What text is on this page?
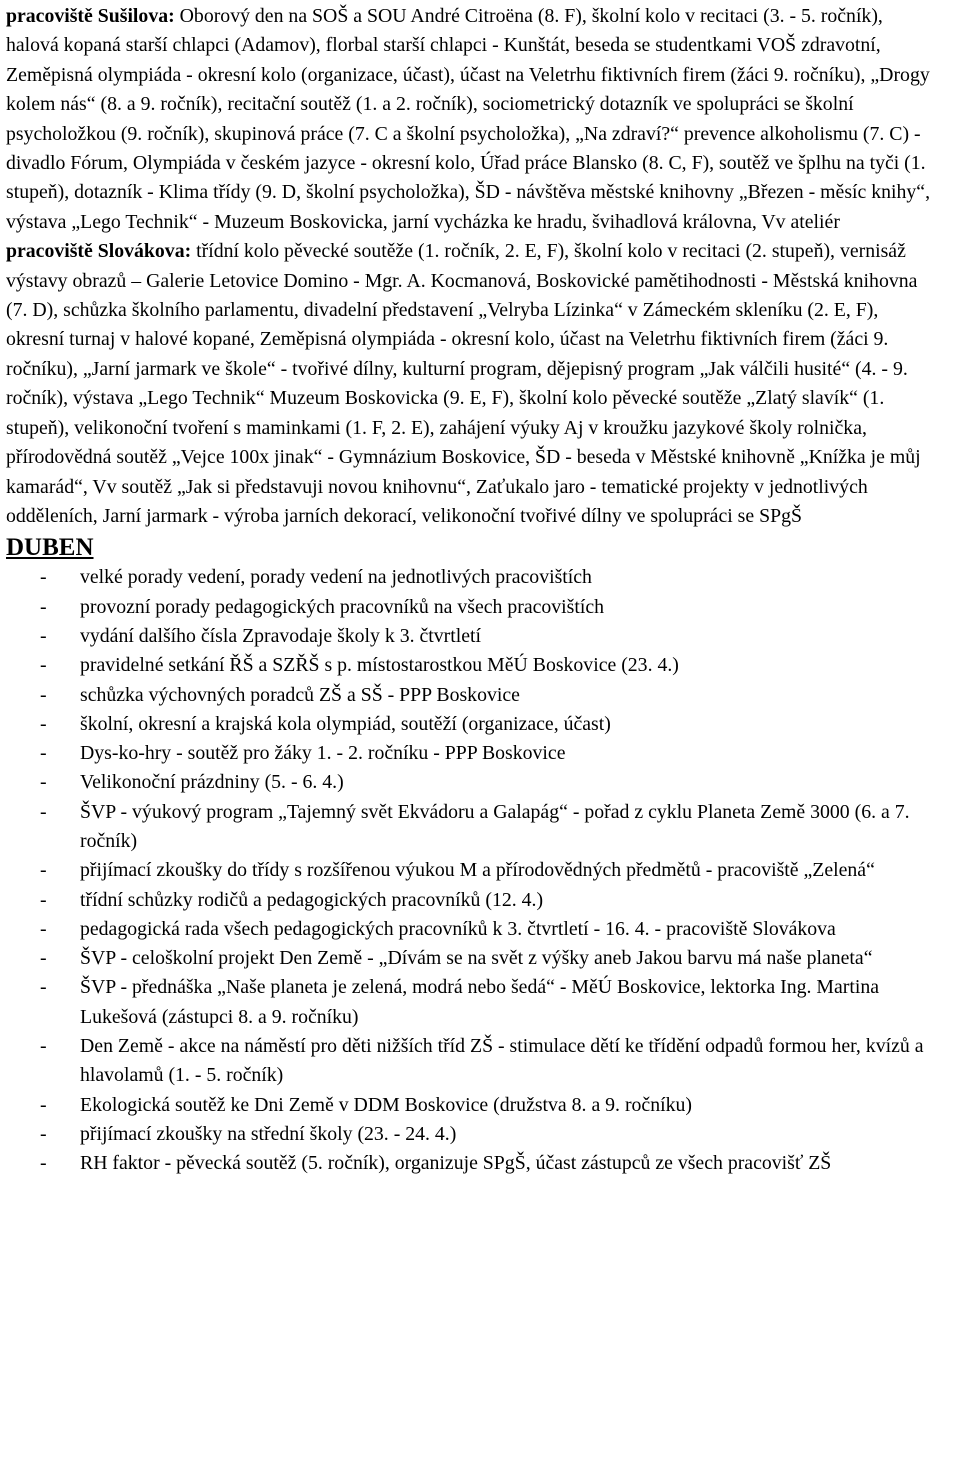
pracoviště Sušilova: Oborový den na SOŠ a SOU André Citroëna (8. F), školní kolo v recitaci (3. - 5. ročník), halová kopaná starší chlapci (Adamov), florbal starší chlapci - Kunštát, beseda se studentkami VOŠ zdravotní, Zeměpisná olympiáda - okresní kolo (organizace, účast), účast na Veletrhu fiktivních firem (žáci 9. ročníku), „Drogy kolem nás“ (8. a 9. ročník), recitační soutěž (1. a 2. ročník), sociometrický dotazník ve spolupráci se školní psycholožkou (9. ročník), skupinová práce (7. C a školní psycholožka), „Na zdraví?“ prevence alkoholismu (7. C) - divadlo Fórum, Olympiáda v českém jazyce - okresní kolo, Úřad práce Blansko (8. C, F), soutěž ve šplhu na tyči (1. stupeň), dotazník - Klima třídy (9. D, školní psycholožka), ŠD - návštěva městské knihovny „Březen - měsíc knihy“, výstava „Lego Technik“ - Muzeum Boskovicka, jarní vycházka ke hradu, švihadlová královna, Vv ateliér

pracoviště Slovákova: třídní kolo pěvecké soutěže (1. ročník, 2. E, F), školní kolo v recitaci (2. stupeň), vernisáž výstavy obrazů – Galerie Letovice Domino - Mgr. A. Kocmanová, Boskovické pamětihodnosti - Městská knihovna (7. D), schůzka školního parlamentu, divadelní představení „Velryba Lízinka“ v Zámeckém skleníku (2. E, F), okresní turnaj v halové kopané, Zeměpisná olympiáda - okresní kolo, účast na Veletrhu fiktivních firem (žáci 9. ročníku), „Jarní jarmark ve škole“ - tvořivé dílny, kulturní program, dějepisný program „Jak válčili husité“ (4. - 9. ročník), výstava „Lego Technik“ Muzeum Boskovicka (9. E, F), školní kolo pěvecké soutěže „Zlatý slavík“ (1. stupeň), velikonoční tvoření s maminkami (1. F, 2. E), zahájení výuky Aj v kroužku jazykové školy rolnička, přírodovědná soutěž „Vejce 100x jinak“ - Gymnázium Boskovice, ŠD - beseda v Městské knihovně „Knížka je můj kamarád“, Vv soutěž „Jak si představuji novou knihovnu“, Zaťukalo jaro - tematické projekty v jednotlivých odděleních, Jarní jarmark - výroba jarních dekorací, velikonoční tvořivé dílny ve spolupráci se SPgŠ

DUBEN
- velké porady vedení, porady vedení na jednotlivých pracovištích
- provozní porady pedagogických pracovníků na všech pracovištích
- vydání dalšího čísla Zpravodaje školy k 3. čtvrtletí
- pravidelné setkání ŘŠ a SZŘŠ s p. místostarostkou MěÚ Boskovice (23. 4.)
- schůzka výchovných poradců ZŠ a SŠ - PPP Boskovice
- školní, okresní a krajská kola olympiád, soutěží (organizace, účast)
- Dys-ko-hry - soutěž pro žáky 1. - 2. ročníku - PPP Boskovice
- Velikonoční prázdniny (5. - 6. 4.)
- ŠVP - výukový program „Tajemný svět Ekvádoru a Galapág“ - pořad z cyklu Planeta Země 3000 (6. a 7. ročník)
- přijímací zkoušky do třídy s rozšířenou výukou M a přírodovědných předmětů - pracoviště „Zelená“
- třídní schůzky rodičů a pedagogických pracovníků (12. 4.)
- pedagogická rada všech pedagogických pracovníků k 3. čtvrtletí - 16. 4. - pracoviště Slovákova
- ŠVP - celoškolní projekt Den Země - „Dívám se na svět z výšky aneb Jakou barvu má naše planeta“
- ŠVP - přednáška „Naše planeta je zelená, modrá nebo šedá“ - MěÚ Boskovice, lektorka Ing. Martina Lukešová (zástupci 8. a 9. ročníku)
- Den Země - akce na náměstí pro děti nižších tříd ZŠ - stimulace dětí ke třídění odpadů formou her, kvízů a hlavolamů (1. - 5. ročník)
- Ekologická soutěž ke Dni Země v DDM Boskovice (družstva 8. a 9. ročníku)
- přijímací zkoušky na střední školy (23. - 24. 4.)
- RH faktor - pěvecká soutěž (5. ročník), organizuje SPgŠ, účast zástupců ze všech pracovišť ZŠ
